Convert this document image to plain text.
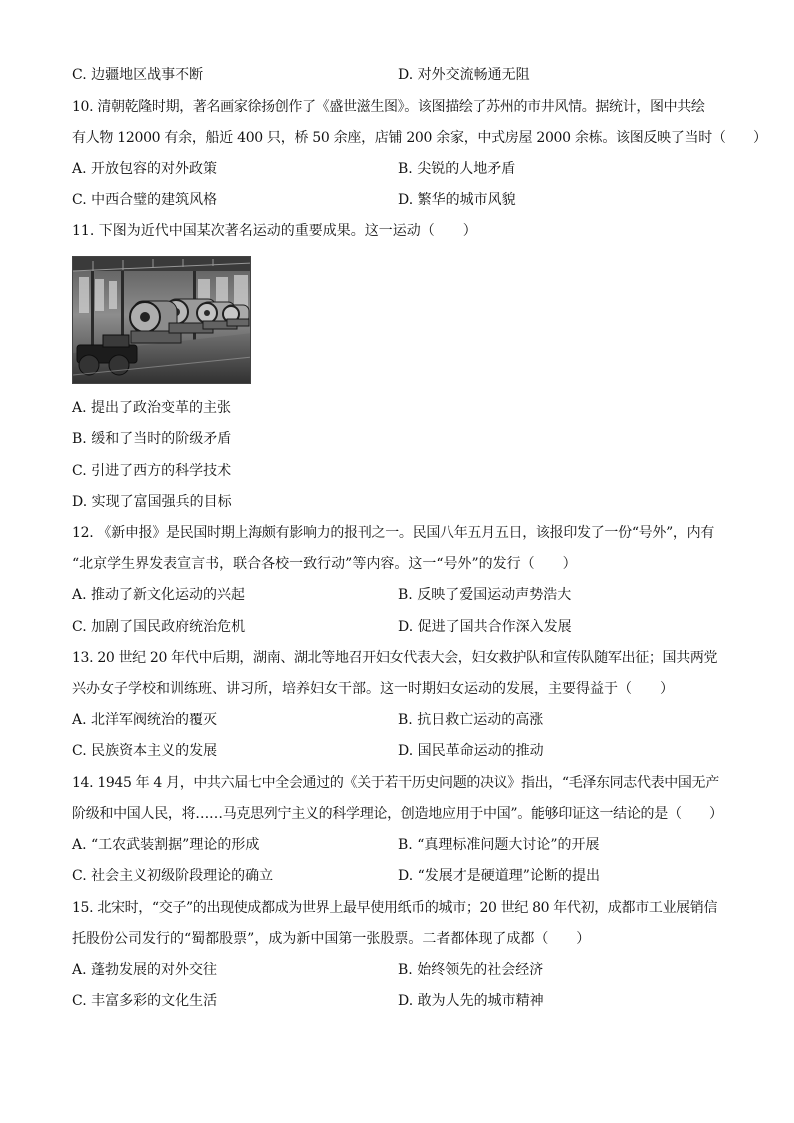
C. 边疆地区战事不断	D. 对外交流畅通无阻
10. 清朝乾隆时期，著名画家徐扬创作了《盛世滋生图》。该图描绘了苏州的市井风情。据统计，图中共绘
有人物 12000 有余，船近 400 只，桥 50 余座，店铺 200 余家，中式房屋 2000 余栋。该图反映了当时（　　）
A. 开放包容的对外政策	B. 尖锐的人地矛盾
C. 中西合璧的建筑风格	D. 繁华的城市风貌
11. 下图为近代中国某次著名运动的重要成果。这一运动（　　）
A. 提出了政治变革的主张
B. 缓和了当时的阶级矛盾
C. 引进了西方的科学技术
D. 实现了富国强兵的目标
12. 《新申报》是民国时期上海颇有影响力的报刊之一。民国八年五月五日，该报印发了一份“号外”，内有
“北京学生界发表宣言书，联合各校一致行动”等内容。这一“号外”的发行（　　）
A. 推动了新文化运动的兴起	B. 反映了爱国运动声势浩大
C. 加剧了国民政府统治危机	D. 促进了国共合作深入发展
13. 20 世纪 20 年代中后期，湖南、湖北等地召开妇女代表大会，妇女救护队和宣传队随军出征；国共两党
兴办女子学校和训练班、讲习所，培养妇女干部。这一时期妇女运动的发展，主要得益于（　　）
A. 北洋军阀统治的覆灭	B. 抗日救亡运动的高涨
C. 民族资本主义的发展	D. 国民革命运动的推动
14. 1945 年 4 月，中共六届七中全会通过的《关于若干历史问题的决议》指出，“毛泽东同志代表中国无产
阶级和中国人民，将……马克思列宁主义的科学理论，创造地应用于中国”。能够印证这一结论的是（　　）
A. “工农武装割据”理论的形成	B. “真理标准问题大讨论”的开展
C. 社会主义初级阶段理论的确立	D. “发展才是硬道理”论断的提出
15. 北宋时，“交子”的出现使成都成为世界上最早使用纸币的城市；20 世纪 80 年代初，成都市工业展销信
托股份公司发行的“蜀都股票”，成为新中国第一张股票。二者都体现了成都（　　）
A. 蓬勃发展的对外交往	B. 始终领先的社会经济
C. 丰富多彩的文化生活	D. 敢为人先的城市精神
